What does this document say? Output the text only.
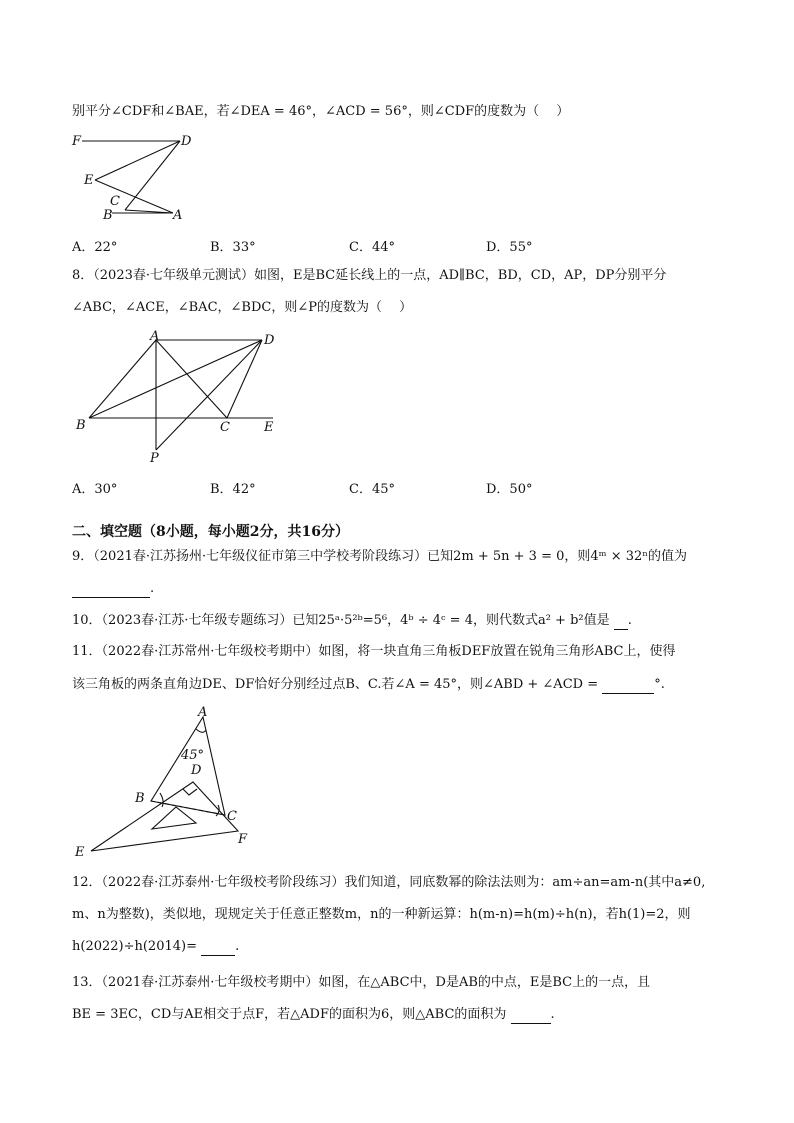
别平分∠CDF和∠BAE，若∠DEA = 46°，∠ACD = 56°，则∠CDF的度数为（　 ）
F	D
E
C
B	A
A．22°	B．33°	C．44°	D．55°
8．（2023春·七年级单元测试）如图，E是BC延长线上的一点，AD∥BC，BD，CD，AP，DP分别平分
∠ABC，∠ACE，∠BAC，∠BDC，则∠P的度数为（　 ）
A	D
B	C	E
P
A．30°	B．42°	C．45°	D．50°
二、填空题（8小题，每小题2分，共16分）
9．（2021春·江苏扬州·七年级仪征市第三中学校考阶段练习）已知2m + 5n + 3 = 0，则4ᵐ × 32ⁿ的值为
.
10．（2023春·江苏·七年级专题练习）已知25ᵃ·5²ᵇ=5⁶，4ᵇ ÷ 4ᶜ = 4，则代数式a² + b²值是 .
11．（2022春·江苏常州·七年级校考期中）如图，将一块直角三角板DEF放置在锐角三角形ABC上，使得
该三角板的两条直角边DE、DF恰好分别经过点B、C.若∠A = 45°，则∠ABD + ∠ACD =	°.
A
45°
D
B
C
E
F
12．（2022春·江苏泰州·七年级校考阶段练习）我们知道，同底数幂的除法法则为：am÷an=am-n(其中a≠0,
m、n为整数)，类似地，现规定关于任意正整数m，n的一种新运算：h(m-n)=h(m)÷h(n)，若h(1)=2，则
h(2022)÷h(2014)=	.
13．（2021春·江苏泰州·七年级校考期中）如图，在△ABC中，D是AB的中点，E是BC上的一点，且
BE = 3EC，CD与AE相交于点F，若△ADF的面积为6，则△ABC的面积为	.
